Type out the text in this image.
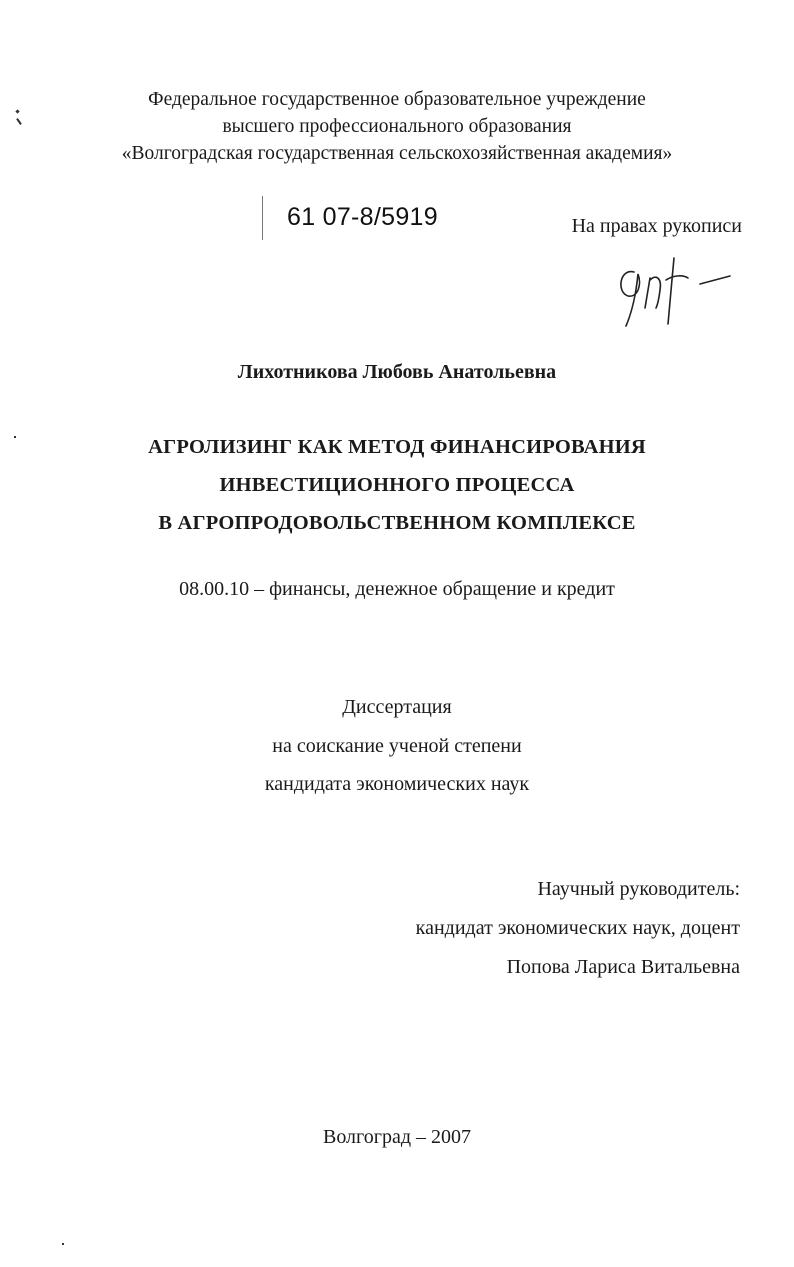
Федеральное государственное образовательное учреждение
высшего профессионального образования
«Волгоградская государственная сельскохозяйственная академия»
61 07-8/5919	На правах рукописи
Лихотникова Любовь Анатольевна
АГРОЛИЗИНГ КАК МЕТОД ФИНАНСИРОВАНИЯ
ИНВЕСТИЦИОННОГО ПРОЦЕССА
В АГРОПРОДОВОЛЬСТВЕННОМ КОМПЛЕКСЕ
08.00.10 – финансы, денежное обращение и кредит
Диссертация
на соискание ученой степени
кандидата экономических наук
Научный руководитель:
кандидат экономических наук, доцент
Попова Лариса Витальевна
Волгоград – 2007
